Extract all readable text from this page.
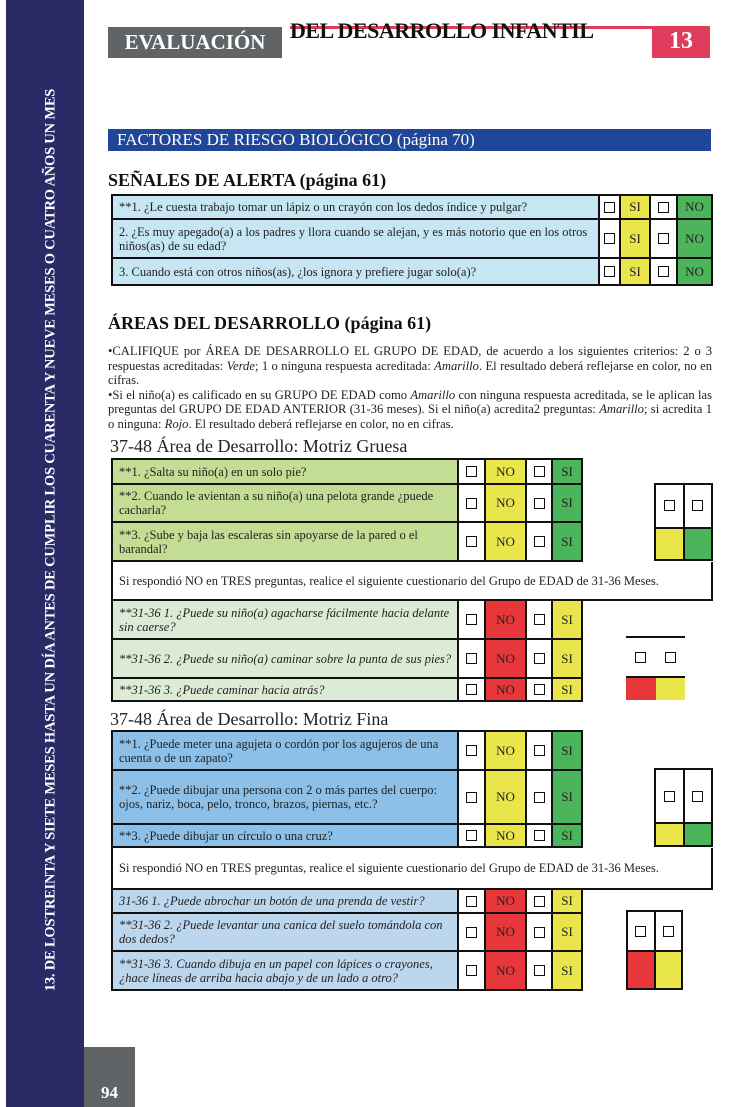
13. DE LOSTREINTA Y SIETE MESES HASTA UN DÍA ANTES DE CUMPLIR LOS CUARENTA Y NUEVE MESES O CUATRO AÑOS UN MES
94
EVALUACIÓN	DEL DESARROLLO INFANTIL	13
FACTORES DE RIESGO BIOLÓGICO (página 70)
SEÑALES DE ALERTA (página 61)
**1. ¿Le cuesta trabajo tomar un lápiz o un crayón con los dedos índice y pulgar?	SI	NO
2. ¿Es muy apegado(a) a los padres y llora cuando se alejan, y es más notorio que en los otros niños(as) de su edad?	SI	NO
3. Cuando está con otros niños(as), ¿los ignora y prefiere jugar solo(a)?	SI	NO
ÁREAS DEL DESARROLLO (página 61)
•CALIFIQUE por ÁREA DE DESARROLLO EL GRUPO DE EDAD, de acuerdo a los siguientes criterios: 2 o 3 respuestas acreditadas: Verde; 1 o ninguna respuesta acreditada: Amarillo. El resultado deberá reflejarse en color, no en cifras.
•Si el niño(a) es calificado en su GRUPO DE EDAD como Amarillo con ninguna respuesta acreditada, se le aplican las preguntas del GRUPO DE EDAD ANTERIOR (31-36 meses). Si el niño(a) acredita2 preguntas: Amarillo; si acredita 1 o ninguna: Rojo. El resultado deberá reflejarse en color, no en cifras.
37-48 Área de Desarrollo: Motriz Gruesa
**1. ¿Salta su niño(a) en un solo pie?	NO	SI
**2. Cuando le avientan a su niño(a) una pelota grande ¿puede cacharla?	NO	SI
**3. ¿Sube y baja las escaleras sin apoyarse de la pared o el barandal?	NO	SI
Si respondió NO en TRES preguntas, realice el siguiente cuestionario del Grupo de EDAD de 31-36 Meses.
**31-36 1. ¿Puede su niño(a) agacharse fácilmente hacia delante sin caerse?	NO	SI
**31-36 2. ¿Puede su niño(a) caminar sobre la punta de sus pies?	NO	SI
**31-36 3. ¿Puede caminar hacia atrás?	NO	SI
37-48 Área de Desarrollo: Motriz Fina
**1. ¿Puede meter una agujeta o cordón por los agujeros de una cuenta o de un zapato?	NO	SI
**2. ¿Puede dibujar una persona con 2 o más partes del cuerpo: ojos, nariz, boca, pelo, tronco, brazos, piernas, etc.?	NO	SI
**3. ¿Puede dibujar un círculo o una cruz?	NO	SI
Si respondió NO en TRES preguntas, realice el siguiente cuestionario del Grupo de EDAD de 31-36 Meses.
31-36 1. ¿Puede abrochar un botón de una prenda de vestir?	NO	SI
**31-36 2. ¿Puede levantar una canica del suelo tomándola con dos dedos?	NO	SI
**31-36 3. Cuando dibuja en un papel con lápices o crayones, ¿hace líneas de arriba hacia abajo y de un lado a otro?	NO	SI
